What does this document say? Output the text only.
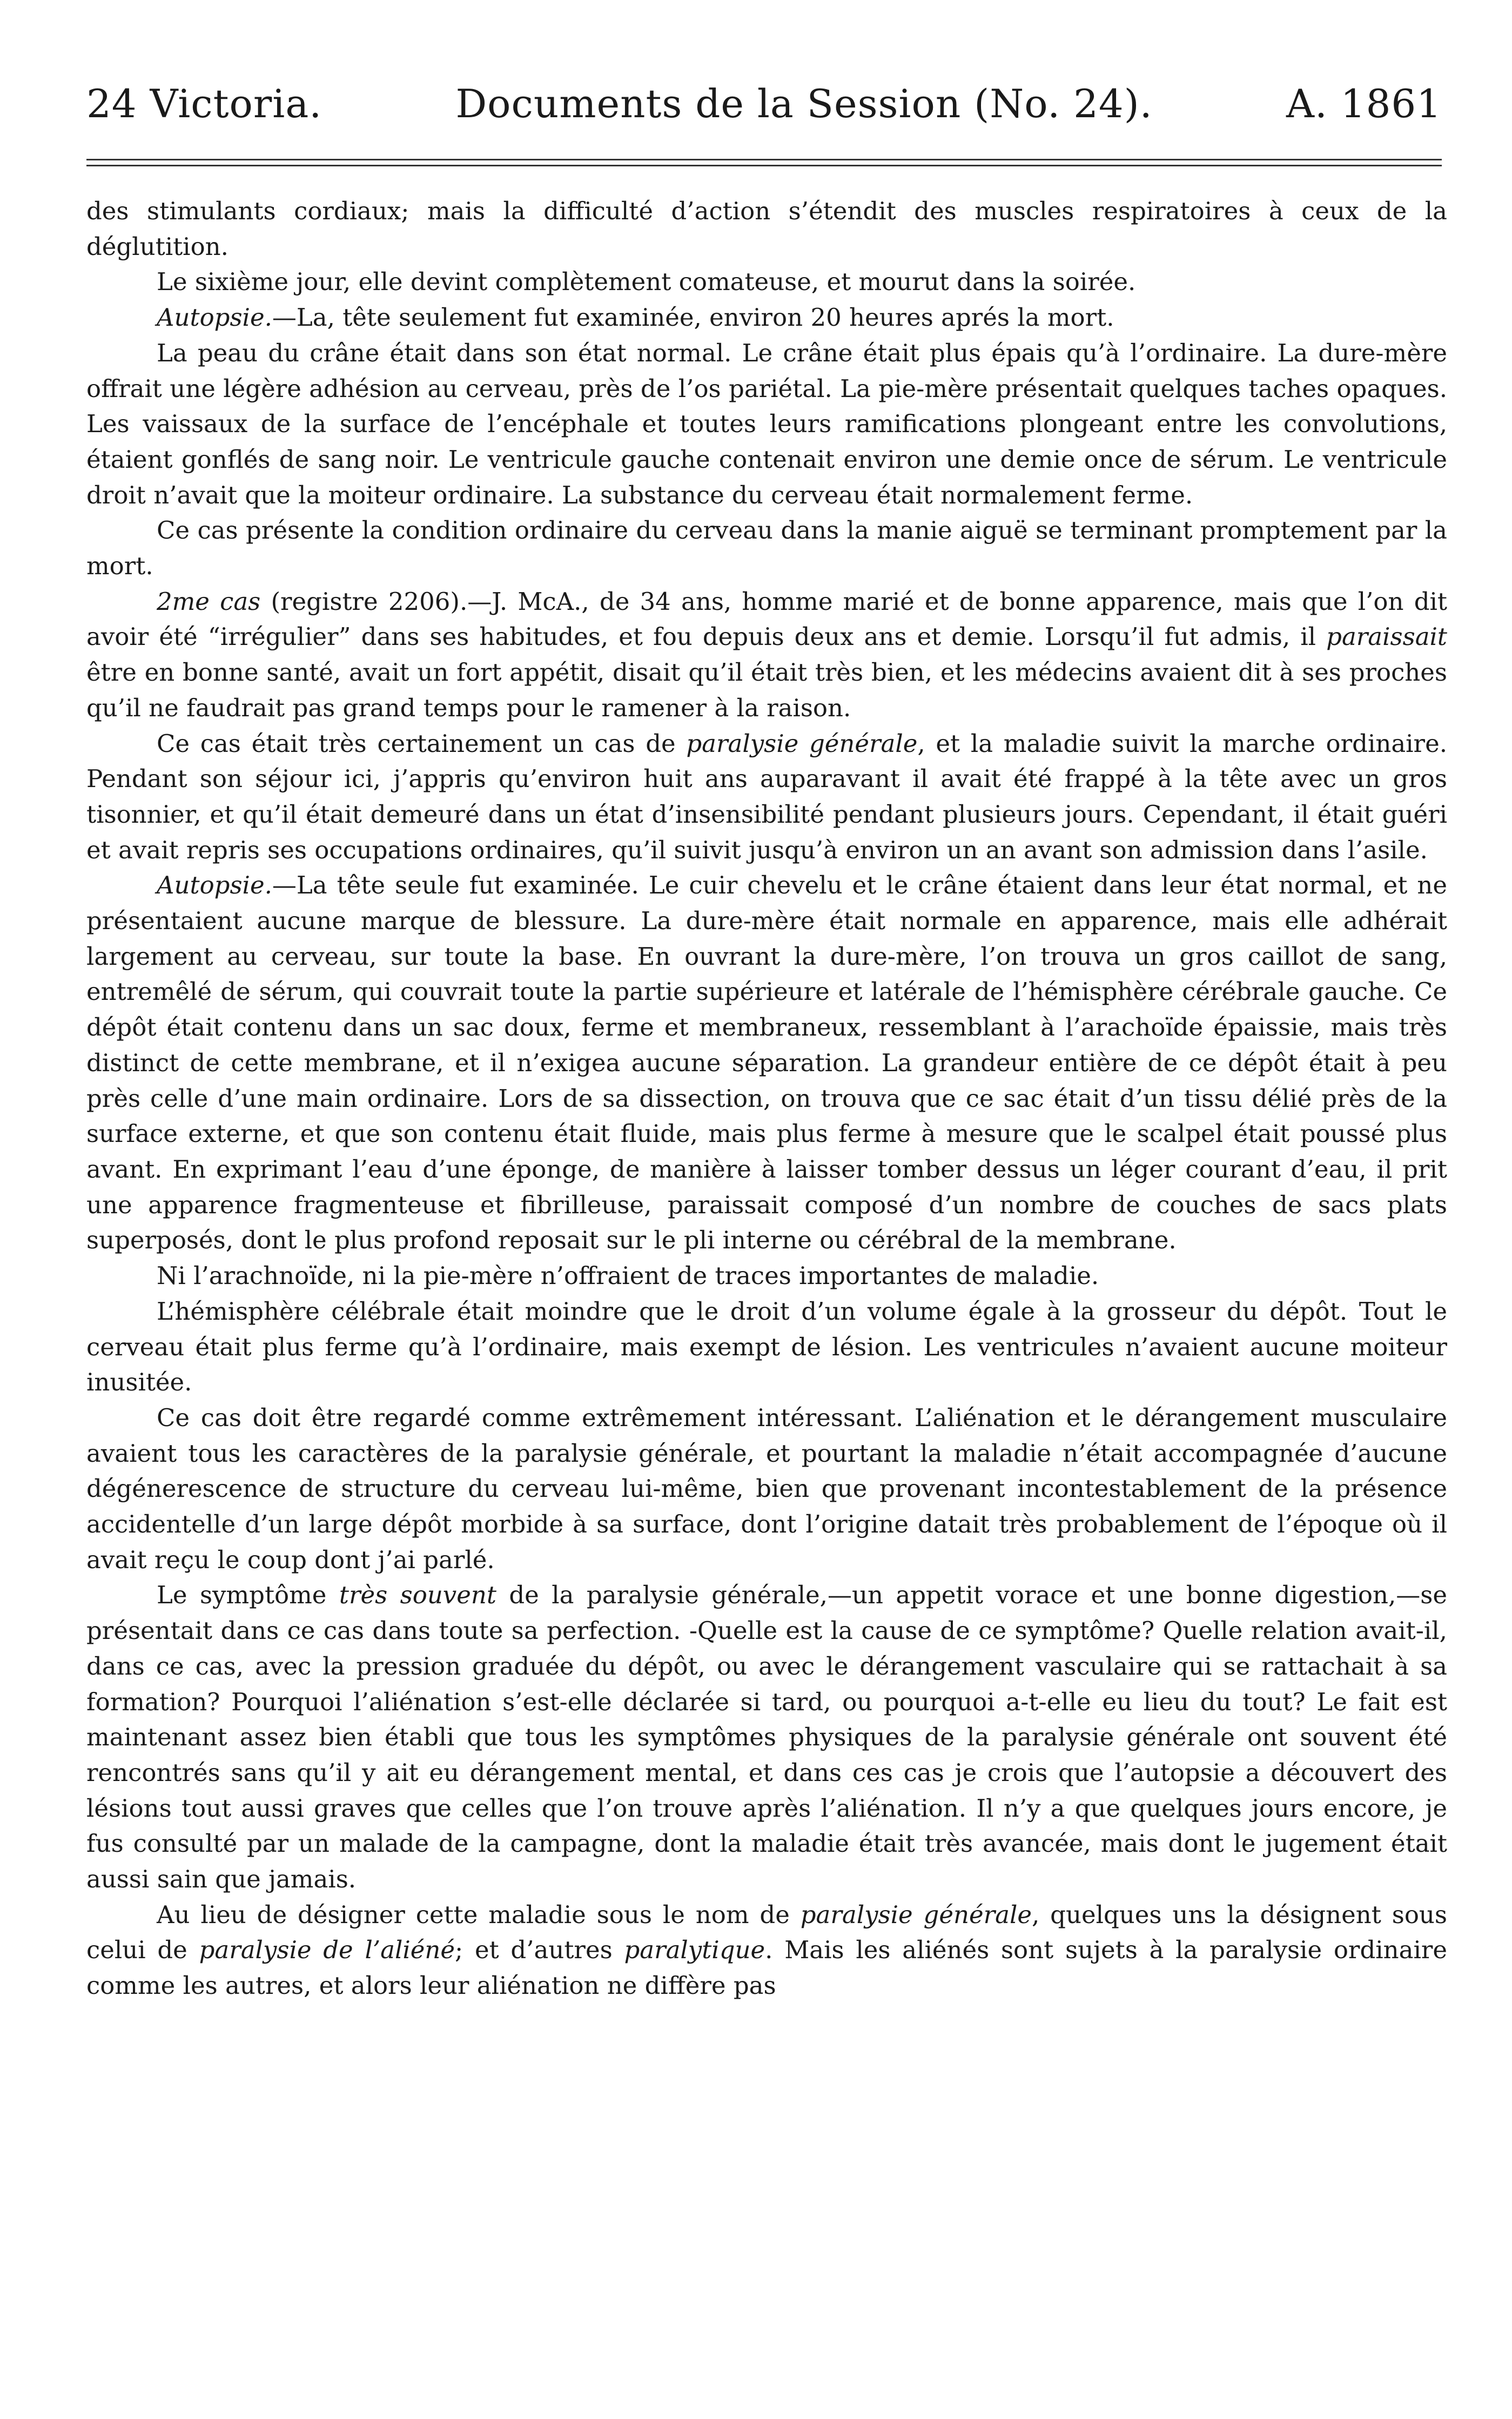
24 Victoria.	Documents de la Session (No. 24).	A. 1861

des stimulants cordiaux; mais la difficulté d’action s’étendit des muscles respiratoires à ceux de la déglutition.

Le sixième jour, elle devint complètement comateuse, et mourut dans la soirée.

Autopsie.—La, tête seulement fut examinée, environ 20 heures aprés la mort.

La peau du crâne était dans son état normal. Le crâne était plus épais qu’à l’ordinaire. La dure-mère offrait une légère adhésion au cerveau, près de l’os pariétal. La pie-mère présentait quelques taches opaques. Les vaissaux de la surface de l’encéphale et toutes leurs ramifications plongeant entre les convolutions, étaient gonflés de sang noir. Le ventricule gauche contenait environ une demie once de sérum. Le ventricule droit n’avait que la moiteur ordinaire. La substance du cerveau était normalement ferme.

Ce cas présente la condition ordinaire du cerveau dans la manie aiguë se terminant promptement par la mort.

2me cas (registre 2206).—J. McA., de 34 ans, homme marié et de bonne apparence, mais que l’on dit avoir été “irrégulier” dans ses habitudes, et fou depuis deux ans et demie. Lorsqu’il fut admis, il paraissait être en bonne santé, avait un fort appétit, disait qu’il était très bien, et les médecins avaient dit à ses proches qu’il ne faudrait pas grand temps pour le ramener à la raison.

Ce cas était très certainement un cas de paralysie générale, et la maladie suivit la marche ordinaire. Pendant son séjour ici, j’appris qu’environ huit ans auparavant il avait été frappé à la tête avec un gros tisonnier, et qu’il était demeuré dans un état d’insensibilité pendant plusieurs jours. Cependant, il était guéri et avait repris ses occupations ordinaires, qu’il suivit jusqu’à environ un an avant son admission dans l’asile.

Autopsie.—La tête seule fut examinée. Le cuir chevelu et le crâne étaient dans leur état normal, et ne présentaient aucune marque de blessure. La dure-mère était normale en apparence, mais elle adhérait largement au cerveau, sur toute la base. En ouvrant la dure-mère, l’on trouva un gros caillot de sang, entremêlé de sérum, qui couvrait toute la partie supérieure et latérale de l’hémisphère cérébrale gauche. Ce dépôt était contenu dans un sac doux, ferme et membraneux, ressemblant à l’arachoïde épaissie, mais très distinct de cette membrane, et il n’exigea aucune séparation. La grandeur entière de ce dépôt était à peu près celle d’une main ordinaire. Lors de sa dissection, on trouva que ce sac était d’un tissu délié près de la surface externe, et que son contenu était fluide, mais plus ferme à mesure que le scalpel était poussé plus avant. En exprimant l’eau d’une éponge, de manière à laisser tomber dessus un léger courant d’eau, il prit une apparence fragmenteuse et fibrilleuse, paraissait composé d’un nombre de couches de sacs plats superposés, dont le plus profond reposait sur le pli interne ou cérébral de la membrane.

Ni l’arachnoïde, ni la pie-mère n’offraient de traces importantes de maladie.

L’hémisphère célébrale était moindre que le droit d’un volume égale à la grosseur du dépôt. Tout le cerveau était plus ferme qu’à l’ordinaire, mais exempt de lésion. Les ventricules n’avaient aucune moiteur inusitée.

Ce cas doit être regardé comme extrêmement intéressant. L’aliénation et le dérangement musculaire avaient tous les caractères de la paralysie générale, et pourtant la maladie n’était accompagnée d’aucune dégénerescence de structure du cerveau lui-même, bien que provenant incontestablement de la présence accidentelle d’un large dépôt morbide à sa surface, dont l’origine datait très probablement de l’époque où il avait reçu le coup dont j’ai parlé.

Le symptôme très souvent de la paralysie générale,—un appetit vorace et une bonne digestion,—se présentait dans ce cas dans toute sa perfection. -Quelle est la cause de ce symptôme? Quelle relation avait-il, dans ce cas, avec la pression graduée du dépôt, ou avec le dérangement vasculaire qui se rattachait à sa formation? Pourquoi l’aliénation s’est-elle déclarée si tard, ou pourquoi a-t-elle eu lieu du tout? Le fait est maintenant assez bien établi que tous les symptômes physiques de la paralysie générale ont souvent été rencontrés sans qu’il y ait eu dérangement mental, et dans ces cas je crois que l’autopsie a découvert des lésions tout aussi graves que celles que l’on trouve après l’aliénation. Il n’y a que quelques jours encore, je fus consulté par un malade de la campagne, dont la maladie était très avancée, mais dont le jugement était aussi sain que jamais.

Au lieu de désigner cette maladie sous le nom de paralysie générale, quelques uns la désignent sous celui de paralysie de l’aliéné; et d’autres paralytique. Mais les aliénés sont sujets à la paralysie ordinaire comme les autres, et alors leur aliénation ne diffère pas
